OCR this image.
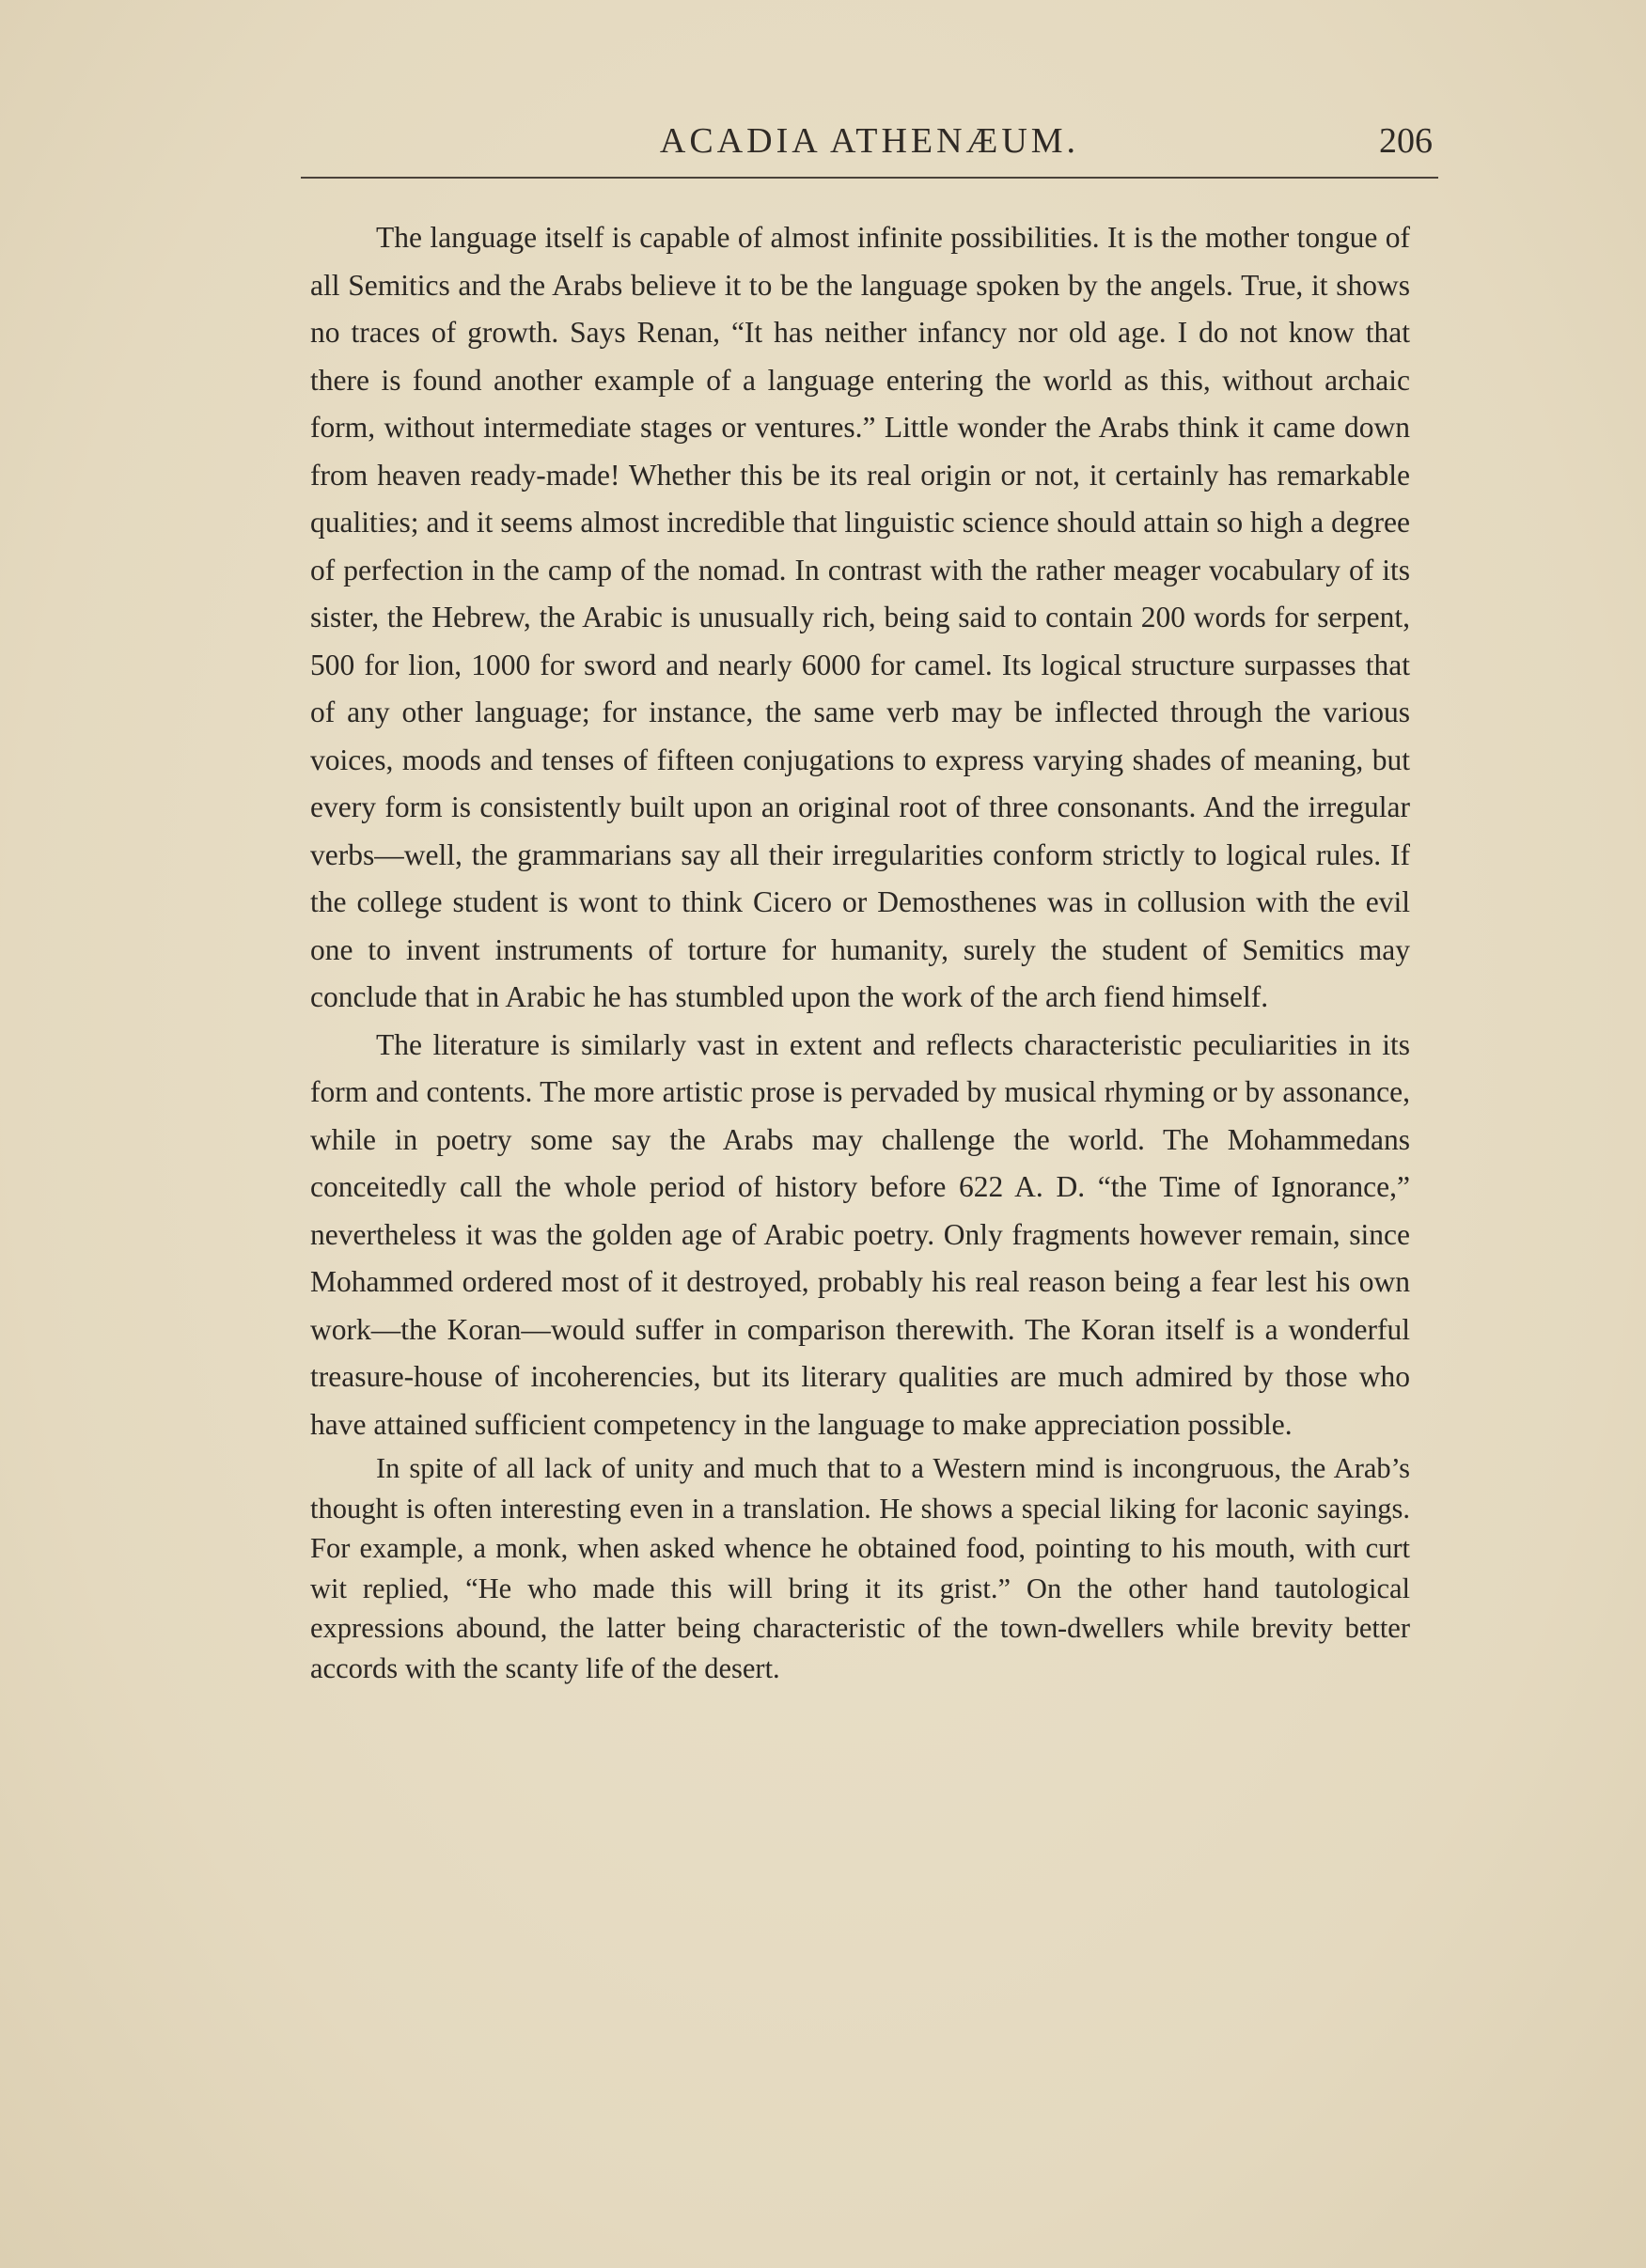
ACADIA ATHENÆUM.	206

The language itself is capable of almost infinite possibilities. It is the mother tongue of all Semitics and the Arabs believe it to be the language spoken by the angels. True, it shows no traces of growth. Says Renan, “It has neither infancy nor old age. I do not know that there is found another example of a language entering the world as this, without archaic form, without intermediate stages or ventures.” Little wonder the Arabs think it came down from heaven ready-made! Whether this be its real origin or not, it certainly has remarkable qualities; and it seems almost incredible that linguistic science should attain so high a degree of perfection in the camp of the nomad. In contrast with the rather meager vocabulary of its sister, the Hebrew, the Arabic is unusually rich, being said to contain 200 words for serpent, 500 for lion, 1000 for sword and nearly 6000 for camel. Its logical structure surpasses that of any other language; for instance, the same verb may be inflected through the various voices, moods and tenses of fifteen conjugations to express varying shades of meaning, but every form is consistently built upon an original root of three consonants. And the irregular verbs—well, the grammarians say all their irregularities conform strictly to logical rules. If the college student is wont to think Cicero or Demosthenes was in collusion with the evil one to invent instruments of torture for humanity, surely the student of Semitics may conclude that in Arabic he has stumbled upon the work of the arch fiend himself.

The literature is similarly vast in extent and reflects characteristic peculiarities in its form and contents. The more artistic prose is pervaded by musical rhyming or by assonance, while in poetry some say the Arabs may challenge the world. The Mohammedans conceitedly call the whole period of history before 622 A. D. “the Time of Ignorance,” nevertheless it was the golden age of Arabic poetry. Only fragments however remain, since Mohammed ordered most of it destroyed, probably his real reason being a fear lest his own work—the Koran—would suffer in comparison therewith. The Koran itself is a wonderful treasure-house of incoherencies, but its literary qualities are much admired by those who have attained sufficient competency in the language to make appreciation possible.

In spite of all lack of unity and much that to a Western mind is incongruous, the Arab’s thought is often interesting even in a translation. He shows a special liking for laconic sayings. For example, a monk, when asked whence he obtained food, pointing to his mouth, with curt wit replied, “He who made this will bring it its grist.” On the other hand tautological expressions abound, the latter being characteristic of the town-dwellers while brevity better accords with the scanty life of the desert.
